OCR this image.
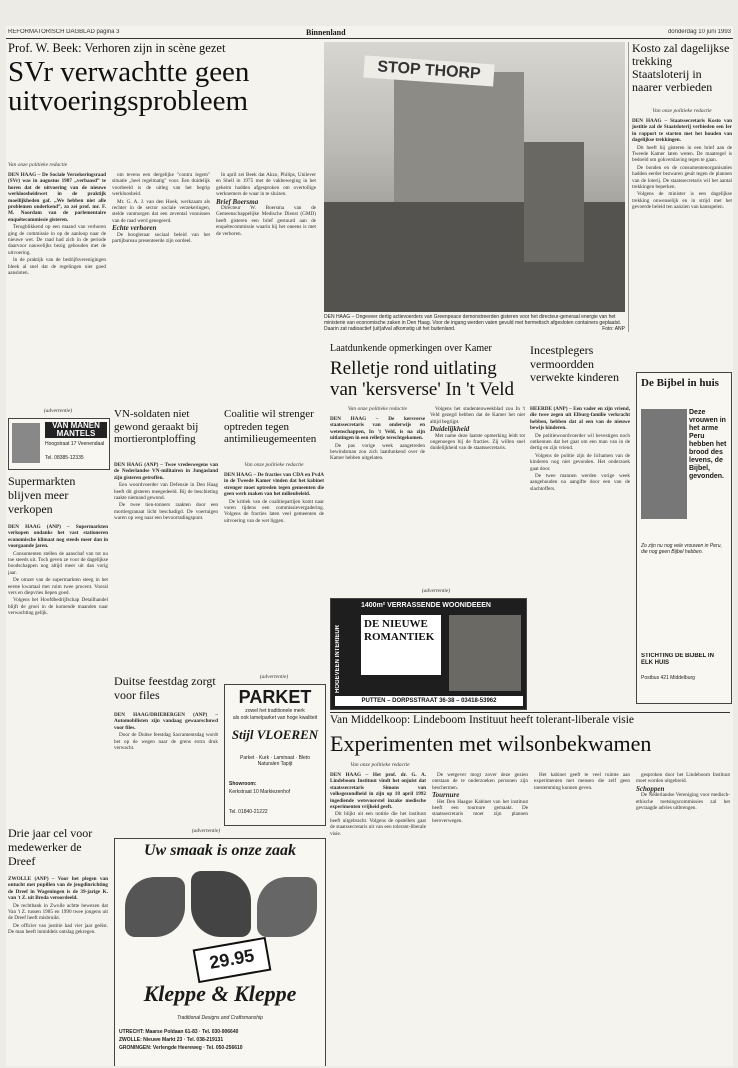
REFORMATORISCH DAGBLAD pagina 3	Binnenland	donderdag 10 juni 1993
Prof. W. Beek: Verhoren zijn in scène gezet
SVr verwachtte geen uitvoeringsprobleem
Van onze politieke redactie

DEN HAAG – De Sociale Verzekeringsraad (SVr) was in augustus 1987 „verbaasd” te horen dat de uitvoering van de nieuwe werkloosheidswet in de praktijk moeilijkheden gaf. „We hebben niet alle problemen onderkend”, zo zei prof. mr. F. M. Noordam van de parlementaire enquêtecommissie gisteren.

Terugblikkend op een maand van verhoren ging de commissie in op de aanloop naar de nieuwe wet. De raad had zich in de periode daarvoor nauwelijks bezig gehouden met de uitvoering.

In de praktijk van de bedrijfsverenigingen bleek al snel dat de regelingen niet goed aansloten.

om tevens een dergelijke "contra legem" situatie „heel regelmatig" voor. Een duidelijk voorbeeld is de uitleg van het begrip werkloosheid.

Mr. G. A. J. van den Hoek, werkzaam als rechter in de sector sociale verzekeringen, stelde vanmorgen dat een zevental vonnissen van de raad werd genegeerd.

Echte verhoren

De hoogleraar sociaal beleid van het partijbureau presenteerde zijn oordeel.

In april zei Beek dat Akzo, Philips, Unilever en Shell in 1975 met de vakbeweging in het geheim hadden afgesproken om overtollige werknemers de waar in te sluizen.

Brief Boersma

Directeur W. Boersma van de Gemeenschappelijke Medische Dienst (GMD) heeft gisteren een brief gestuurd aan de enquêtecommissie waarin hij het oneens is met de verhoren.

STOP THORP
DEN HAAG – Ongeveer dertig actievoerders van Greenpeace demonstreerden gisteren voor het directeur-generaal energie van het ministerie van economische zaken in Den Haag. Voor de ingang werden vaten gevuld met hermetisch afgesloten containers geplaatst. Daarin zat radioactief (uit)afval afkomstig uit het buitenland.	Foto: ANP
Kosto zal dagelijkse trekking Staatsloterij in naarer verbieden
Van onze politieke redactie

DEN HAAG – Staatssecretaris Kosto van justitie zal de Staatsloterij verbieden een Ier in rapport te starten met het houden van dagelijkse trekkingen.

Dit heeft hij gisteren in een brief aan de Tweede Kamer laten weten. De maatregel is bedoeld om gokverslaving tegen te gaan.

De bonden en de consumentenorganisaties hadden eerder bezwaren geuit tegen de plannen van de loterij. De staatssecretaris wil het aantal trekkingen beperken.

Volgens de minister is een dagelijkse trekking onwenselijk en in strijd met het gevoerde beleid ten aanzien van kansspelen.

(advertentie)
VAN MANEN MANTELS
Hoogstraat 17 Veenendaal
Tel. 08385-12335
Supermarkten blijven meer verkopen

DEN HAAG (ANP) – Supermarkten verkopen ondanks het vast stationeren economische klimaat nog steeds meer dan in voorgaande jaren.

Consumenten stellen de aanschaf van tot nu toe steeds uit. Toch geven ze voor de dagelijkse boodschappen nog altijd meer uit dan vorig jaar.

De omzet van de supermarkten steeg in het eerste kwartaal met ruim twee procent. Vooral vers en diepvries liepen goed.

Volgens het Hoofdbedrijfschap Detailhandel blijft de groei in de komende maanden naar verwachting gelijk.

Drie jaar cel voor medewerker de Dreef

ZWOLLE (ANP) – Voor het plegen van ontucht met pupillen van de jeugdinrichting de Dreef in Wageningen is de 39-jarige K. van 't Z. uit Breda veroordeeld.

De rechtbank in Zwolle achtte bewezen dat Van 't Z. tussen 1985 en 1990 twee jongens uit de Dreef heeft misbruikt.

De officier van justitie had vier jaar geëist. De man heeft inmiddels ontslag gekregen.

VN-soldaten niet gewond geraakt bij mortierontploffing

DEN HAAG (ANP) – Twee vredeswegens van de Nederlandse VN-militairen in Jungasland zijn gisteren getroffen.

Een woordvoerder van Defensie in Den Haag heeft dit gisteren meegedeeld. Bij de beschieting raakte niemand gewond.

De twee tien-tonners raakten door een mortiergranaat licht beschadigd. De voertuigen waren op weg naar een bevoorradingspunt.

Duitse feestdag zorgt voor files

DEN HAAG/DRIEBERGEN (ANP) – Automobilisten zijn vandaag gewaarschuwd voor files.

Door de Duitse feestdag Sacramentsdag wordt het op de wegen naar de grens extra druk verwacht.

Coalitie wil strenger optreden tegen antimilieugemeenten
Van onze politieke redactie

DEN HAAG – De fracties van CDA en PvdA in de Tweede Kamer vinden dat het kabinet strenger moet optreden tegen gemeenten die geen werk maken van het milieubeleid.

De kritiek van de coalitiepartijen komt naar voren tijdens een commissievergadering. Volgens de fracties laten veel gemeenten de uitvoering van de wet liggen.

(advertentie)
PARKET
zowel het traditionele merk
als ook lamelparket van hoge kwaliteit
Stijl VLOEREN
Parket · Kurk · Laminaat · Bleto Naturalen Tapijt
Showroom:
Kerkstraat 10 Markiezenhof
Tel. 01840-21222
Laatdunkende opmerkingen over Kamer
Relletje rond uitlating van 'kersverse' In 't Veld
Van onze politieke redactie

DEN HAAG – De kersverse staatssecretaris van onderwijs en wetenschappen, In 't Veld, is na zijn uitlatingen in een relletje terechtgekomen.

De pas vorige week aangetreden bewindsman zou zich laatdunkend over de Kamer hebben uitgelaten.

Volgens het studentenweekblad zou In 't Veld gezegd hebben dat de Kamer het niet altijd begrijpt.

Duidelijkheid

Met name deze laatste opmerking leidt tot ongenoegen bij de fracties. Zij willen snel duidelijkheid van de staatssecretaris.

(advertentie)
1400m² VERRASSENDE WOONIDEEËN
HOGEVEEN INTERIEUR
DE NIEUWE ROMANTIEK
PUTTEN – DORPSSTRAAT 36-38 – 03418-53962
Incestplegers vermoordden verwekte kinderen

HEERDE (ANP) – Een vader en zijn vriend, die twee zegen uit Elburg-familie verkracht hebben, hebben dat al een van de nieuwe bewijs kinderen.

De politiewoordvoerder wil bevestigen noch ontkennen dat het gaat om een man van in de dertig en zijn vriend.

Volgens de politie zijn de lichamen van de kinderen nog niet gevonden. Het onderzoek gaat door.

De twee mannen werden vorige week aangehouden na aangifte door een van de slachtoffers.

De Bijbel in huis
Deze vrouwen in het arme Peru hebben het brood des levens, de Bijbel, gevonden.
Zo zijn nu nog vele vrouwen in Peru, die nog geen Bijbel hebben.
STICHTING DE BIJBEL IN ELK HUIS
Postbus 421 Middelburg
Van Middelkoop: Lindeboom Instituut heeft tolerant-liberale visie
Experimenten met wilsonbekwamen
Van onze politieke redactie

DEN HAAG – Het prof. dr. G. A. Lindeboom Instituut vindt het onjuist dat staatssecretaris Simons van volksgezondheid in zijn op 18 april 1992 ingediende wetsvoorstel inzake medische experimenten vrijheid geeft.

Dit blijkt uit een notitie die het instituut heeft uitgebracht. Volgens de opstellers gaat de staatssecretaris uit van een tolerant-liberale visie.

De wetgever mogt zover deze gezien ontstaan de te onderzoeken personen zijn beschermen.

Tournure

Het Den Haagse Kabinet van het instituut heeft een tournure gemaakt. De staatssecretaris moet zijn plannen heroverwegen.

Het kabinet geeft te veel ruimte aan experimenten met mensen die zelf geen toestemming kunnen geven.

gesproken door het Lindeboom Instituut moet worden uitgebreid.

Schoppen

De Nederlandse Vereniging voor medisch-ethische toetsingscommissies zal het gevraagde advies uitbrengen.

(advertentie)
Uw smaak is onze zaak
29.95
Kleppe & Kleppe
Traditional Designs and Craftsmanship
UTRECHT: Maarse Poldaan 61-83 · Tel. 030-906640
ZWOLLE: Nieuwe Markt 23 · Tel. 038-219131
GRONINGEN: Verlengde Heereweg · Tel. 050-256610
